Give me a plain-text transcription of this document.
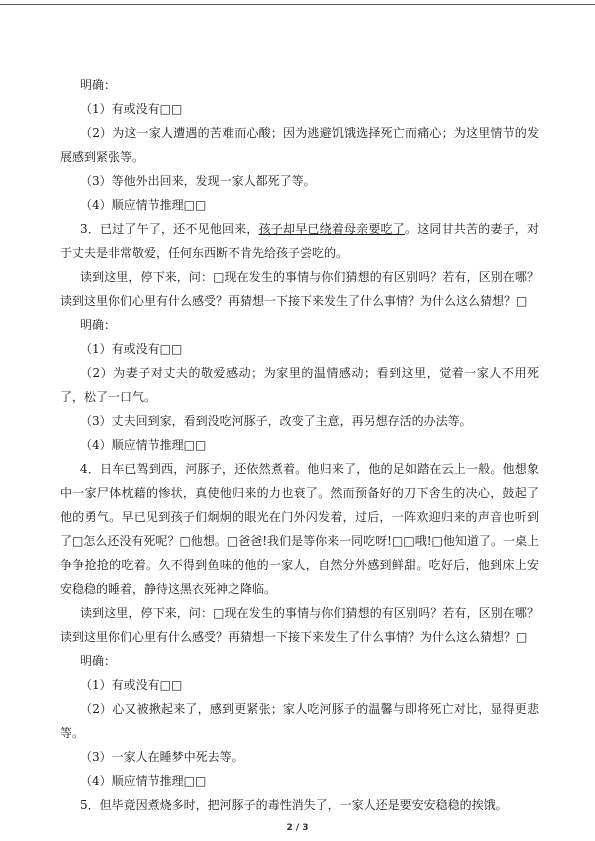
明确：

（1）有或没有□□

（2）为这一家人遭遇的苦难而心酸；因为逃避饥饿选择死亡而痛心；为这里情节的发展感到紧张等。

（3）等他外出回来，发现一家人都死了等。

（4）顺应情节推理□□

3．已过了午了，还不见他回来，孩子却早已绕着母亲要吃了。这同甘共苦的妻子，对于丈夫是非常敬爱，任何东西断不肯先给孩子尝吃的。

读到这里，停下来，问：□现在发生的事情与你们猜想的有区别吗？若有，区别在哪？读到这里你们心里有什么感受？再猜想一下接下来发生了什么事情？为什么这么猜想？□

明确：

（1）有或没有□□

（2）为妻子对丈夫的敬爱感动；为家里的温情感动；看到这里，觉着一家人不用死了，松了一口气。

（3）丈夫回到家，看到没吃河豚子，改变了主意，再另想存活的办法等。

（4）顺应情节推理□□

4．日车已驾到西，河豚子，还依然煮着。他归来了，他的足如踏在云上一般。他想象中一家尸体枕藉的惨状，真使他归来的力也衰了。然而预备好的刀下舍生的决心，鼓起了他的勇气。早已见到孩子们炯炯的眼光在门外闪发着，过后，一阵欢迎归来的声音也听到了□怎么还没有死呢？□他想。□爸爸!我们是等你来一同吃呀!□□哦!□他知道了。一桌上争争抢抢的吃着。久不得到鱼味的他的一家人，自然分外感到鲜甜。吃好后，他到床上安安稳稳的睡着，静待这黑衣死神之降临。

读到这里，停下来，问：□现在发生的事情与你们猜想的有区别吗？若有，区别在哪？读到这里你们心里有什么感受？再猜想一下接下来发生了什么事情？为什么这么猜想？□

明确：

（1）有或没有□□

（2）心又被揪起来了，感到更紧张；家人吃河豚子的温馨与即将死亡对比，显得更悲等。

（3）一家人在睡梦中死去等。

（4）顺应情节推理□□

5．但毕竟因煮烧多时，把河豚子的毒性消失了，一家人还是要安安稳稳的挨饿。

2 / 3
